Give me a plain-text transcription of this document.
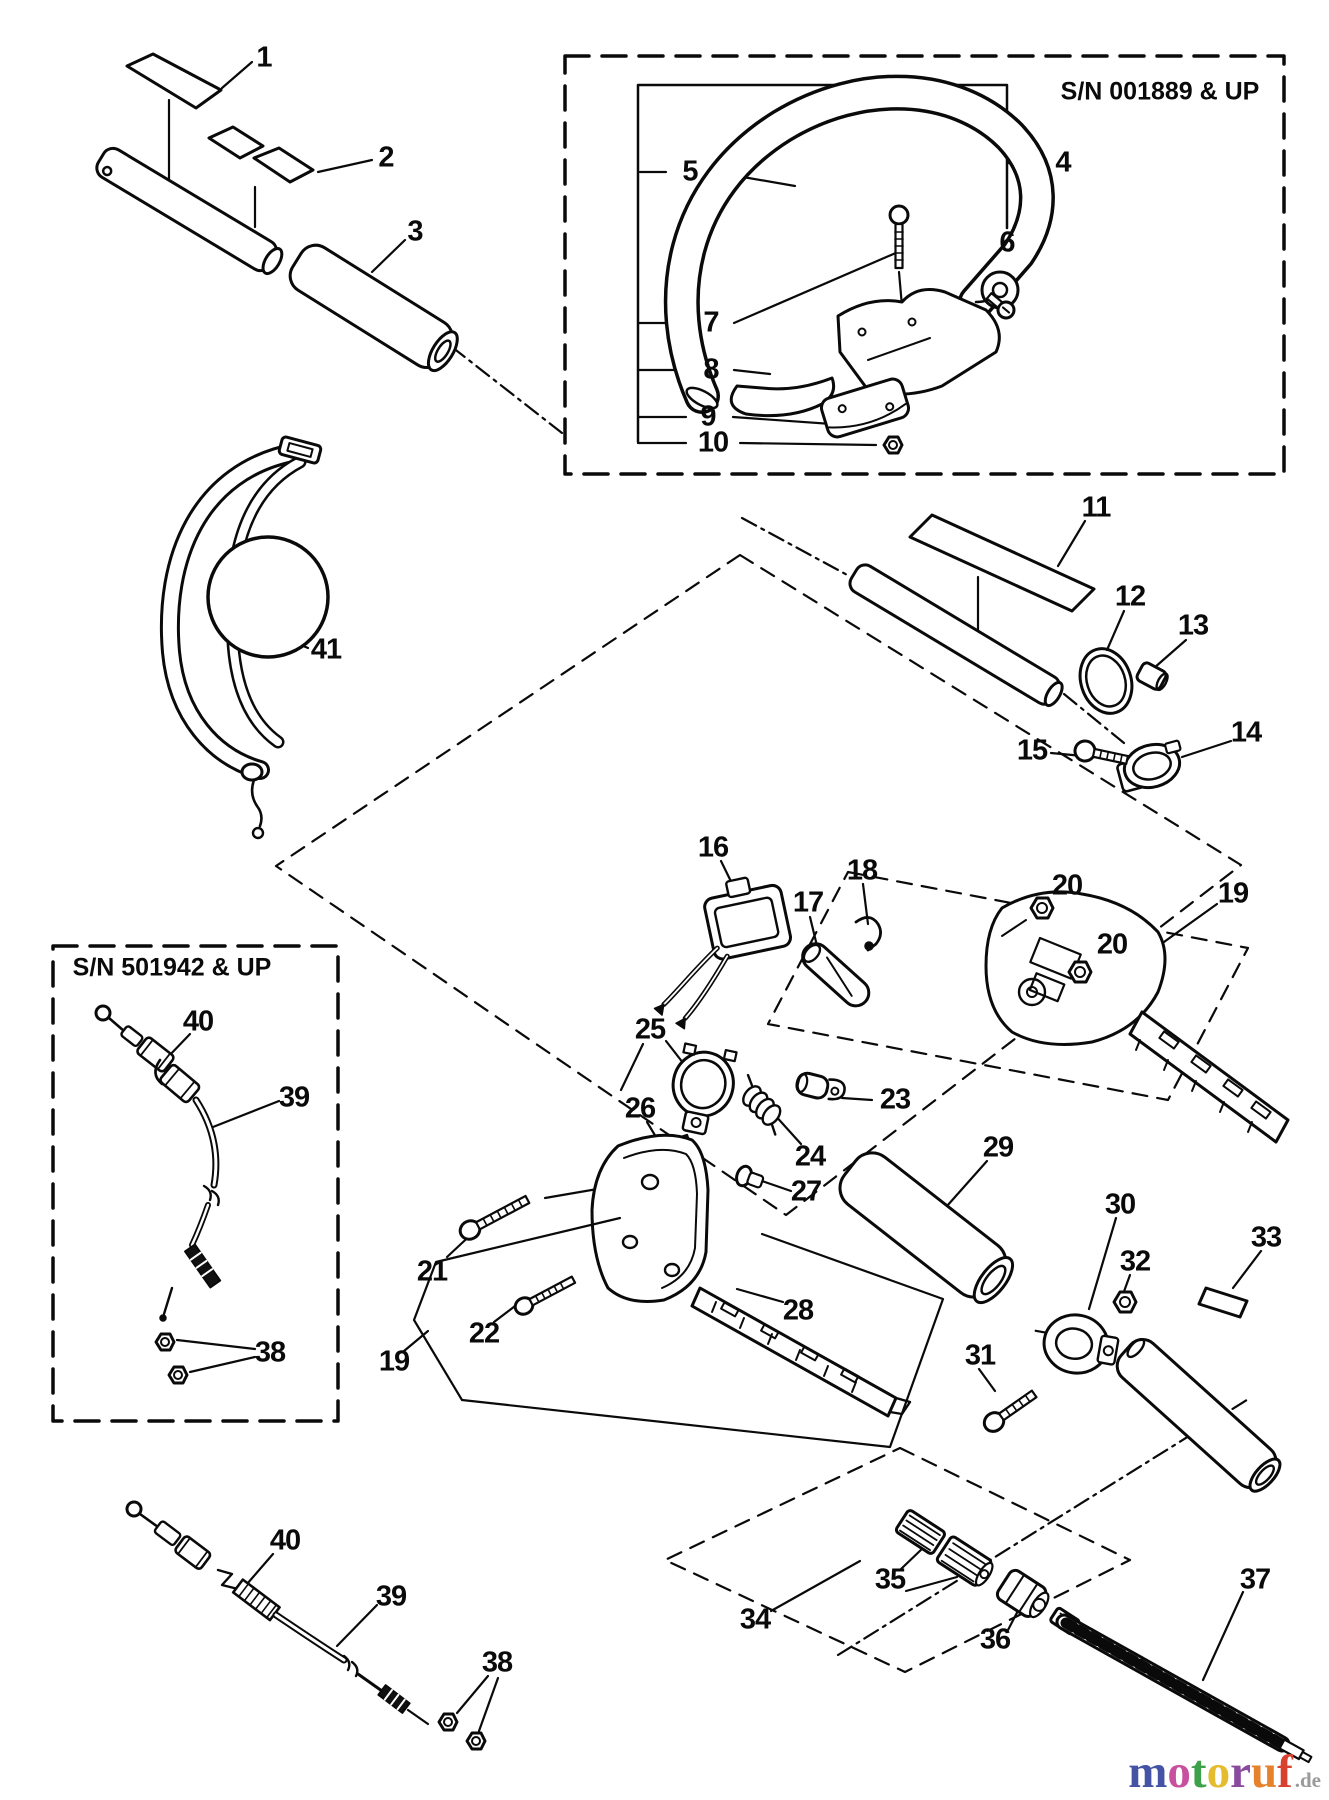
S/N 001889 & UP
S/N 501942 & UP
1
2
3
4
5
6
7
8
9
10
11
12
13
14
15
16
17
18
19
20
20
21
22
19
23
24
25
26
27
28
29
30
31
32
33
34
35
36
37
38
39
40
38
39
40
41
m o t o r u f .de
